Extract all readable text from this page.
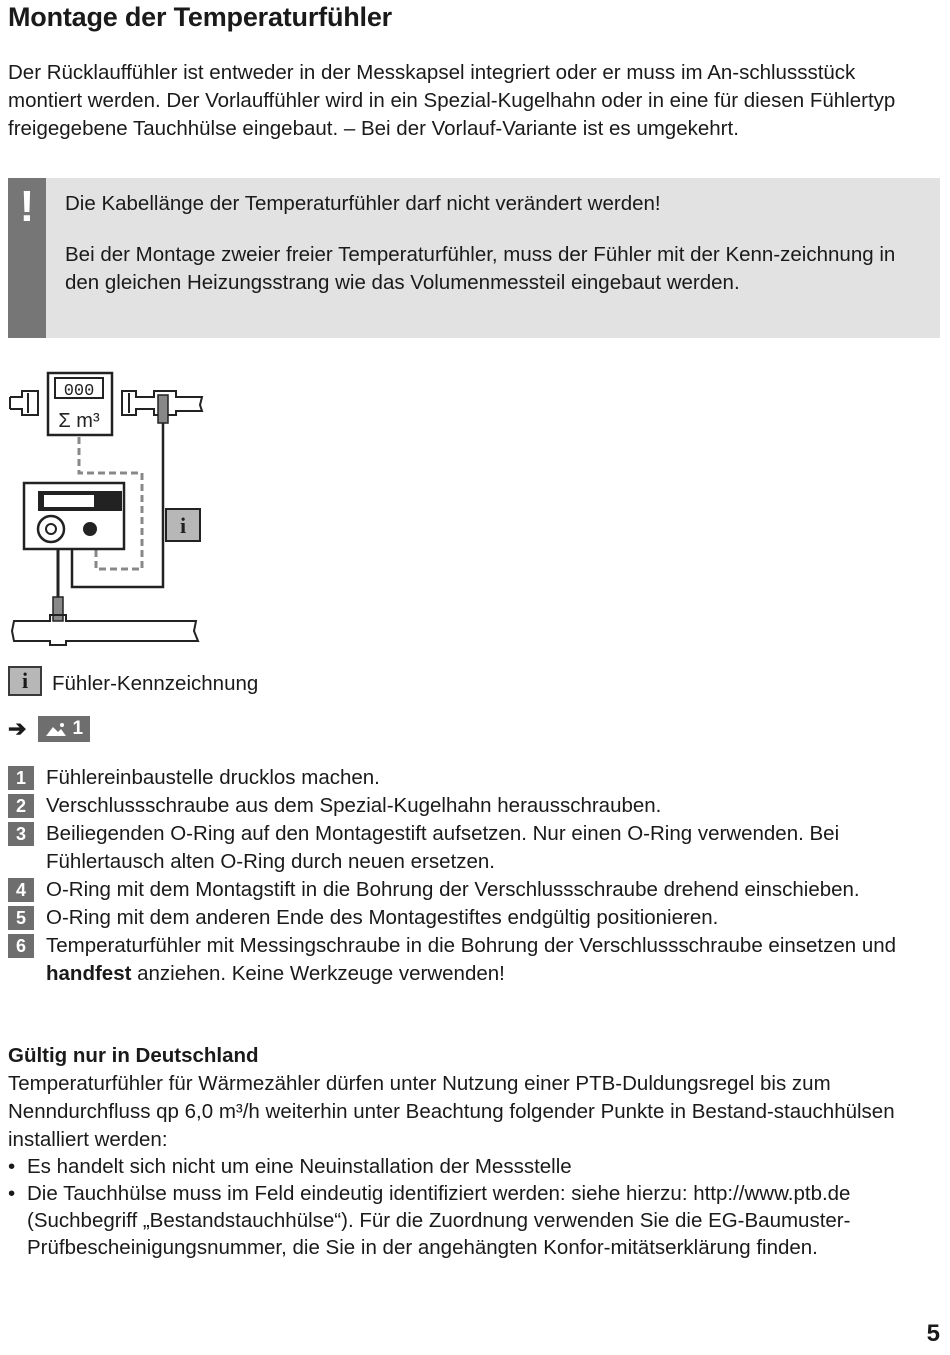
Montage der Temperaturfühler

Der Rücklauffühler ist entweder in der Messkapsel integriert oder er muss im An-schlussstück montiert werden. Der Vorlauffühler wird in ein Spezial-Kugelhahn oder in eine für diesen Fühlertyp freigegebene Tauchhülse eingebaut. – Bei der Vorlauf-Variante ist es umgekehrt.

!	Die Kabellänge der Temperaturfühler darf nicht verändert werden!

Bei der Montage zweier freier Temperaturfühler, muss der Fühler mit der Kenn-zeichnung in den gleichen Heizungsstrang wie das Volumenmessteil eingebaut werden.

000
Σ m³
i
i	Fühler-Kennzeichnung
➔	1
1 Fühlereinbaustelle drucklos machen.
2 Verschlussschraube aus dem Spezial-Kugelhahn herausschrauben.
3 Beiliegenden O-Ring auf den Montagestift aufsetzen. Nur einen O-Ring verwenden. Bei Fühlertausch alten O-Ring durch neuen ersetzen.
4 O-Ring mit dem Montagstift in die Bohrung der Verschlussschraube drehend einschieben.
5 O-Ring mit dem anderen Ende des Montagestiftes endgültig positionieren.
6 Temperaturfühler mit Messingschraube in die Bohrung der Verschlussschraube einsetzen und handfest anziehen. Keine Werkzeuge verwenden!
Gültig nur in Deutschland

Temperaturfühler für Wärmezähler dürfen unter Nutzung einer PTB-Duldungsregel bis zum Nenndurchfluss qp 6,0 m³/h weiterhin unter Beachtung folgender Punkte in Bestand-stauchhülsen installiert werden:

• Es handelt sich nicht um eine Neuinstallation der Messstelle
• Die Tauchhülse muss im Feld eindeutig identifiziert werden: siehe hierzu: http://www.ptb.de (Suchbegriff „Bestandstauchhülse“). Für die Zuordnung verwenden Sie die EG-Baumuster-Prüfbescheinigungsnummer, die Sie in der angehängten Konfor-mitätserklärung finden.
5
